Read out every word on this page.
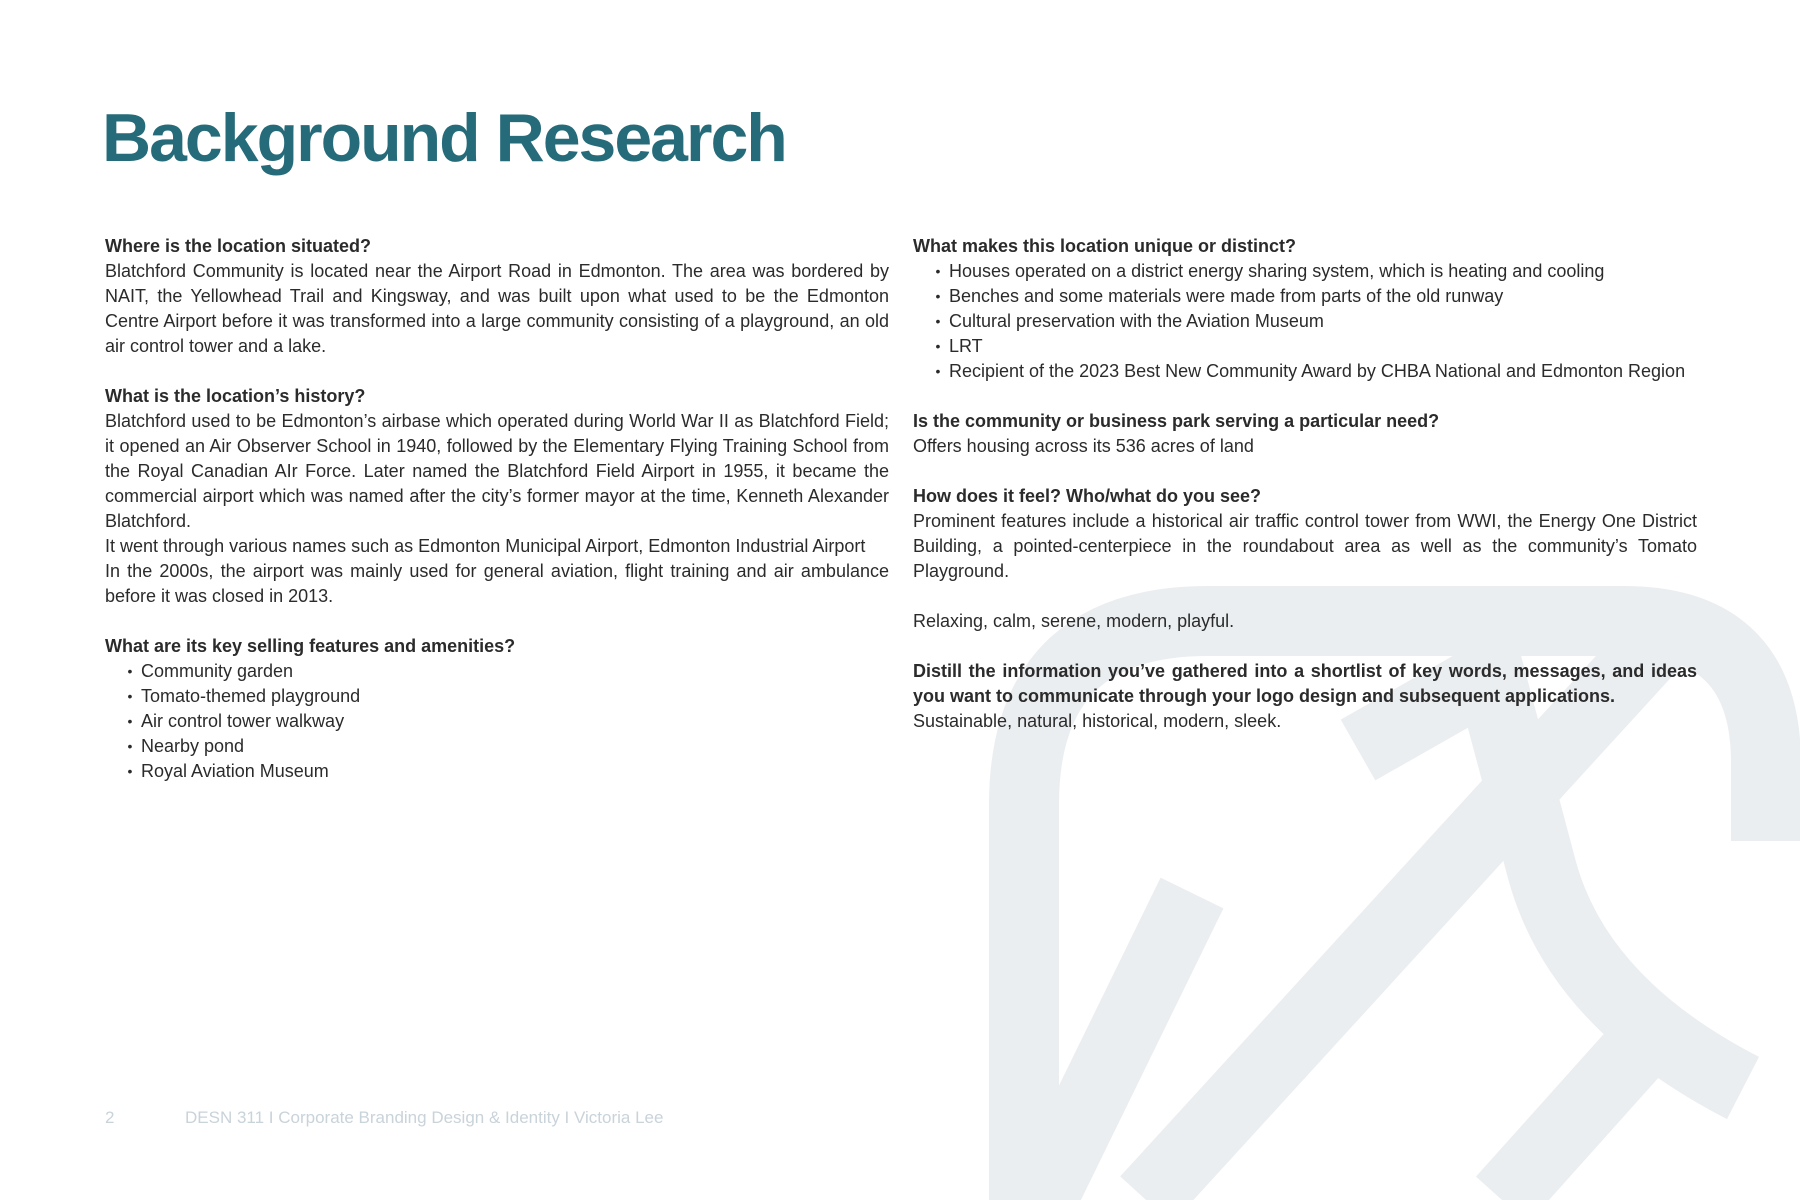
Background Research

Where is the location situated?

Blatchford Community is located near the Airport Road in Edmonton. The area was bordered by NAIT, the Yellowhead Trail and Kingsway, and was built upon what used to be the Edmonton Centre Airport before it was transformed into a large community consisting of a playground, an old air control tower and a lake.

What is the location’s history?

Blatchford used to be Edmonton’s airbase which operated during World War II as Blatchford Field; it opened an Air Observer School in 1940, followed by the Elementary Flying Training School from the Royal Canadian AIr Force. Later named the Blatchford Field Airport in 1955, it became the commercial airport which was named after the city’s former mayor at the time, Kenneth Alexander Blatchford.

It went through various names such as Edmonton Municipal Airport, Edmonton Industrial Airport

In the 2000s, the airport was mainly used for general aviation, flight training and air ambulance before it was closed in 2013.

What are its key selling features and amenities?

• Community garden
• Tomato-themed playground
• Air control tower walkway
• Nearby pond
• Royal Aviation Museum

What makes this location unique or distinct?

• Houses operated on a district energy sharing system, which is heating and cooling
• Benches and some materials were made from parts of the old runway
• Cultural preservation with the Aviation Museum
• LRT
• Recipient of the 2023 Best New Community Award by CHBA National and Edmonton Region

Is the community or business park serving a particular need?

Offers housing across its 536 acres of land

How does it feel? Who/what do you see?

Prominent features include a historical air traffic control tower from WWI, the Energy One District Building, a pointed-centerpiece in the roundabout area as well as the community’s Tomato Playground.

Relaxing, calm, serene, modern, playful.

Distill the information you’ve gathered into a shortlist of key words, messages, and ideas you want to communicate through your logo design and subsequent applications.

Sustainable, natural, historical, modern, sleek.

2	DESN 311 I Corporate Branding Design & Identity I Victoria Lee
